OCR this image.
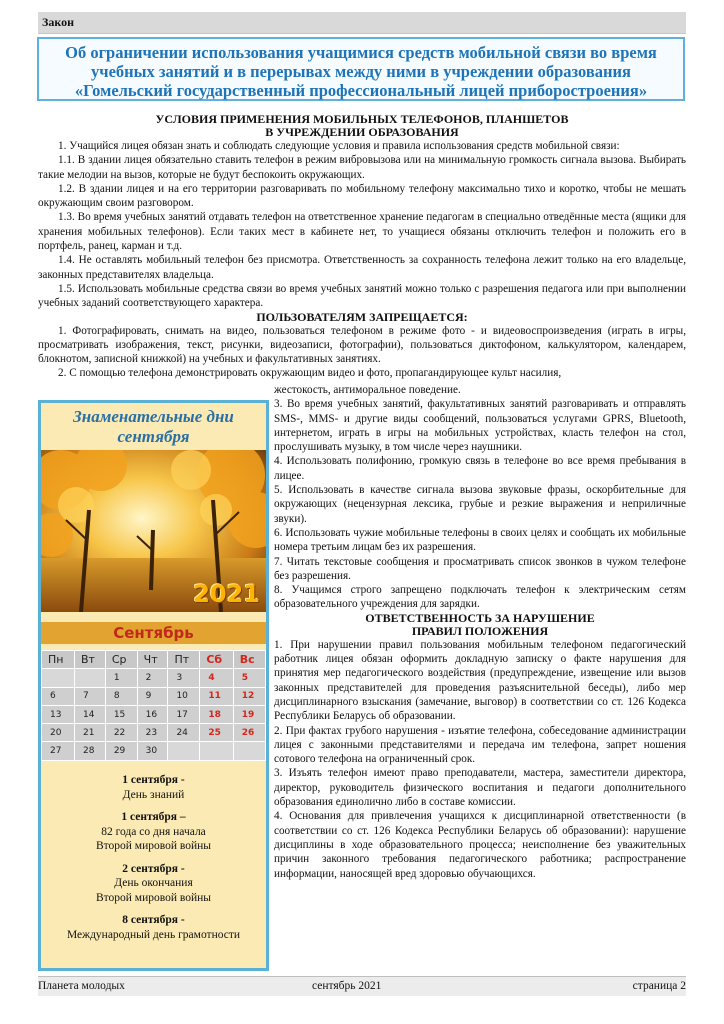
Закон
Об ограничении использования учащимися средств мобильной связи во время
учебных занятий и в перерывах между ними в учреждении образования
«Гомельский государственный профессиональный лицей приборостроения»
УСЛОВИЯ ПРИМЕНЕНИЯ МОБИЛЬНЫХ ТЕЛЕФОНОВ, ПЛАНШЕТОВ
В УЧРЕЖДЕНИИ ОБРАЗОВАНИЯ
1. Учащийся лицея обязан знать и соблюдать следующие условия и правила использования средств мобильной связи:
1.1. В здании лицея обязательно ставить телефон в режим вибровызова или на минимальную громкость сигнала вызова. Выбирать такие мелодии на вызов, которые не будут беспокоить окружающих.
1.2. В здании лицея и на его территории разговаривать по мобильному телефону максимально тихо и коротко, чтобы не мешать окружающим своим разговором.
1.3. Во время учебных занятий отдавать телефон на ответственное хранение педагогам в специально отведённые места (ящики для хранения мобильных телефонов). Если таких мест в кабинете нет, то учащиеся обязаны отключить телефон и положить его в портфель, ранец, карман и т.д.
1.4. Не оставлять мобильный телефон без присмотра. Ответственность за сохранность телефона лежит только на его владельце, законных представителях владельца.
1.5. Использовать мобильные средства связи во время учебных занятий можно только с разрешения педагога или при выполнении учебных заданий соответствующего характера.
ПОЛЬЗОВАТЕЛЯМ ЗАПРЕЩАЕТСЯ:
1. Фотографировать, снимать на видео, пользоваться телефоном в режиме фото - и видеовоспроизведения (играть в игры, просматривать изображения, текст, рисунки, видеозаписи, фотографии), пользоваться диктофоном, калькулятором, календарем, блокнотом, записной книжкой) на учебных и факультативных занятиях.
2. С помощью телефона демонстрировать окружающим видео и фото, пропагандирующее культ насилия,
жестокость, антиморальное поведение.
3. Во время учебных занятий, факультативных занятий разговаривать и отправлять SMS-, MMS- и другие виды сообщений, пользоваться услугами GPRS, Bluetooth, интернетом, играть в игры на мобильных устройствах, класть телефон на стол, прослушивать музыку, в том числе через наушники.
4. Использовать полифонию, громкую связь в телефоне во все время пребывания в лицее.
5. Использовать в качестве сигнала вызова звуковые фразы, оскорбительные для окружающих (нецензурная лексика, грубые и резкие выражения и неприличные звуки).
6. Использовать чужие мобильные телефоны в своих целях и сообщать их мобильные номера третьим лицам без их разрешения.
7. Читать текстовые сообщения и просматривать список звонков в чужом телефоне без разрешения.
8. Учащимся строго запрещено подключать телефон к электрическим сетям образовательного учреждения для зарядки.
ОТВЕТСТВЕННОСТЬ ЗА НАРУШЕНИЕ
ПРАВИЛ ПОЛОЖЕНИЯ
1. При нарушении правил пользования мобильным телефоном педагогический работник лицея обязан оформить докладную записку о факте нарушения для принятия мер педагогического воздействия (предупреждение, извещение или вызов законных представителей для проведения разъяснительной беседы), либо мер дисциплинарного взыскания (замечание, выговор) в соответствии со ст. 126 Кодекса Республики Беларусь об образовании.
2. При фактах грубого нарушения - изъятие телефона, собеседование администрации лицея с законными представителями и передача им телефона, запрет ношения сотового телефона на ограниченный срок.
3. Изъять телефон имеют право преподаватели, мастера, заместители директора, директор, руководитель физического воспитания и педагоги дополнительного образования единолично либо в составе комиссии.
4. Основания для привлечения учащихся к дисциплинарной ответственности (в соответствии со ст. 126 Кодекса Республики Беларусь об образовании): нарушение дисциплины в ходе образовательного процесса; неисполнение без уважительных причин законного требования педагогического работника; распространение информации, наносящей вред здоровью обучающихся.
Знаменательные дни
сентября
2021
Сентябрь
Пн	Вт	Ср	Чт	Пт	Сб	Вс
		1	2	3	4	5
6	7	8	9	10	11	12
13	14	15	16	17	18	19
20	21	22	23	24	25	26
27	28	29	30			
1 сентября -
День знаний
1 сентября –
82 года со дня начала
Второй мировой войны
2 сентября -
День окончания
Второй мировой войны
8 сентября -
Международный день грамотности
Планета молодых	сентябрь 2021	страница 2
